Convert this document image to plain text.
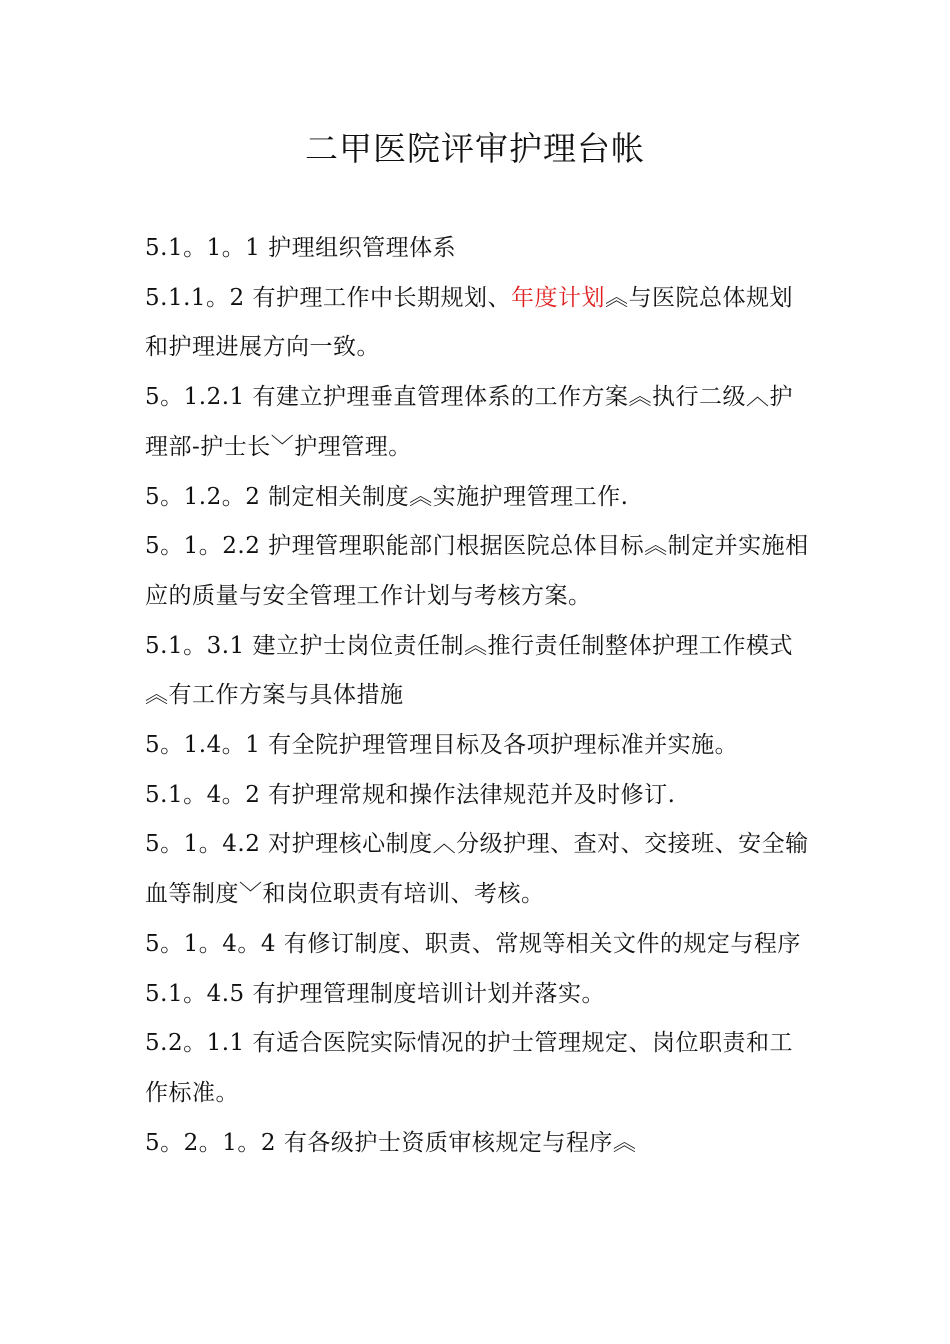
二甲医院评审护理台帐

5.1。1。1 护理组织管理体系

5.1.1。2 有护理工作中长期规划、年度计划︽与医院总体规划和护理进展方向一致。

5。1.2.1 有建立护理垂直管理体系的工作方案︽执行二级︿护理部-护士长﹀护理管理。

5。1.2。2 制定相关制度︽实施护理管理工作.

5。1。2.2 护理管理职能部门根据医院总体目标︽制定并实施相应的质量与安全管理工作计划与考核方案。

5.1。3.1 建立护士岗位责任制︽推行责任制整体护理工作模式︽有工作方案与具体措施

5。1.4。1 有全院护理管理目标及各项护理标准并实施。

5.1。4。2 有护理常规和操作法律规范并及时修订.

5。1。4.2 对护理核心制度︿分级护理、查对、交接班、安全输血等制度﹀和岗位职责有培训、考核。

5。1。4。4 有修订制度、职责、常规等相关文件的规定与程序

5.1。4.5 有护理管理制度培训计划并落实。

5.2。1.1 有适合医院实际情况的护士管理规定、岗位职责和工作标准。

5。2。1。2 有各级护士资质审核规定与程序︽
